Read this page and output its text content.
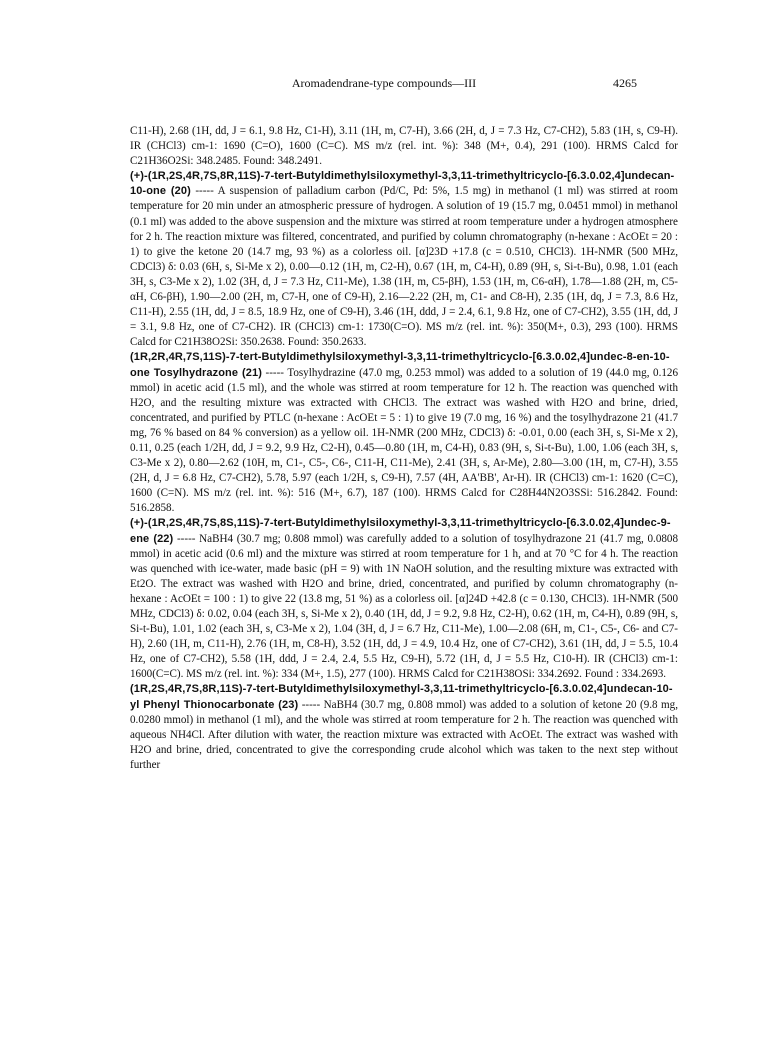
Aromadendrane-type compounds—III	4265

C11-H), 2.68 (1H, dd, J = 6.1, 9.8 Hz, C1-H), 3.11 (1H, m, C7-H), 3.66 (2H, d, J = 7.3 Hz, C7-CH2), 5.83 (1H, s, C9-H). IR (CHCl3) cm-1: 1690 (C=O), 1600 (C=C). MS m/z (rel. int. %): 348 (M+, 0.4), 291 (100). HRMS Calcd for C21H36O2Si: 348.2485. Found: 348.2491.

(+)-(1R,2S,4R,7S,8R,11S)-7-tert-Butyldimethylsiloxymethyl-3,3,11-trimethyltricyclo-[6.3.0.02,4]undecan-10-one (20) ----- A suspension of palladium carbon (Pd/C, Pd: 5%, 1.5 mg) in methanol (1 ml) was stirred at room temperature for 20 min under an atmospheric pressure of hydrogen. A solution of 19 (15.7 mg, 0.0451 mmol) in methanol (0.1 ml) was added to the above suspension and the mixture was stirred at room temperature under a hydrogen atmosphere for 2 h. The reaction mixture was filtered, concentrated, and purified by column chromatography (n-hexane : AcOEt = 20 : 1) to give the ketone 20 (14.7 mg, 93 %) as a colorless oil. [α]23D +17.8 (c = 0.510, CHCl3). 1H-NMR (500 MHz, CDCl3) δ: 0.03 (6H, s, Si-Me x 2), 0.00—0.12 (1H, m, C2-H), 0.67 (1H, m, C4-H), 0.89 (9H, s, Si-t-Bu), 0.98, 1.01 (each 3H, s, C3-Me x 2), 1.02 (3H, d, J = 7.3 Hz, C11-Me), 1.38 (1H, m, C5-βH), 1.53 (1H, m, C6-αH), 1.78—1.88 (2H, m, C5-αH, C6-βH), 1.90—2.00 (2H, m, C7-H, one of C9-H), 2.16—2.22 (2H, m, C1- and C8-H), 2.35 (1H, dq, J = 7.3, 8.6 Hz, C11-H), 2.55 (1H, dd, J = 8.5, 18.9 Hz, one of C9-H), 3.46 (1H, ddd, J = 2.4, 6.1, 9.8 Hz, one of C7-CH2), 3.55 (1H, dd, J = 3.1, 9.8 Hz, one of C7-CH2). IR (CHCl3) cm-1: 1730(C=O). MS m/z (rel. int. %): 350(M+, 0.3), 293 (100). HRMS Calcd for C21H38O2Si: 350.2638. Found: 350.2633.

(1R,2R,4R,7S,11S)-7-tert-Butyldimethylsiloxymethyl-3,3,11-trimethyltricyclo-[6.3.0.02,4]undec-8-en-10-one Tosylhydrazone (21) ----- Tosylhydrazine (47.0 mg, 0.253 mmol) was added to a solution of 19 (44.0 mg, 0.126 mmol) in acetic acid (1.5 ml), and the whole was stirred at room temperature for 12 h. The reaction was quenched with H2O, and the resulting mixture was extracted with CHCl3. The extract was washed with H2O and brine, dried, concentrated, and purified by PTLC (n-hexane : AcOEt = 5 : 1) to give 19 (7.0 mg, 16 %) and the tosylhydrazone 21 (41.7 mg, 76 % based on 84 % conversion) as a yellow oil. 1H-NMR (200 MHz, CDCl3) δ: -0.01, 0.00 (each 3H, s, Si-Me x 2), 0.11, 0.25 (each 1/2H, dd, J = 9.2, 9.9 Hz, C2-H), 0.45—0.80 (1H, m, C4-H), 0.83 (9H, s, Si-t-Bu), 1.00, 1.06 (each 3H, s, C3-Me x 2), 0.80—2.62 (10H, m, C1-, C5-, C6-, C11-H, C11-Me), 2.41 (3H, s, Ar-Me), 2.80—3.00 (1H, m, C7-H), 3.55 (2H, d, J = 6.8 Hz, C7-CH2), 5.78, 5.97 (each 1/2H, s, C9-H), 7.57 (4H, AA'BB', Ar-H). IR (CHCl3) cm-1: 1620 (C=C), 1600 (C=N). MS m/z (rel. int. %): 516 (M+, 6.7), 187 (100). HRMS Calcd for C28H44N2O3SSi: 516.2842. Found: 516.2858.

(+)-(1R,2S,4R,7S,8S,11S)-7-tert-Butyldimethylsiloxymethyl-3,3,11-trimethyltricyclo-[6.3.0.02,4]undec-9-ene (22) ----- NaBH4 (30.7 mg; 0.808 mmol) was carefully added to a solution of tosylhydrazone 21 (41.7 mg, 0.0808 mmol) in acetic acid (0.6 ml) and the mixture was stirred at room temperature for 1 h, and at 70 °C for 4 h. The reaction was quenched with ice-water, made basic (pH = 9) with 1N NaOH solution, and the resulting mixture was extracted with Et2O. The extract was washed with H2O and brine, dried, concentrated, and purified by column chromatography (n-hexane : AcOEt = 100 : 1) to give 22 (13.8 mg, 51 %) as a colorless oil. [α]24D +42.8 (c = 0.130, CHCl3). 1H-NMR (500 MHz, CDCl3) δ: 0.02, 0.04 (each 3H, s, Si-Me x 2), 0.40 (1H, dd, J = 9.2, 9.8 Hz, C2-H), 0.62 (1H, m, C4-H), 0.89 (9H, s, Si-t-Bu), 1.01, 1.02 (each 3H, s, C3-Me x 2), 1.04 (3H, d, J = 6.7 Hz, C11-Me), 1.00—2.08 (6H, m, C1-, C5-, C6- and C7-H), 2.60 (1H, m, C11-H), 2.76 (1H, m, C8-H), 3.52 (1H, dd, J = 4.9, 10.4 Hz, one of C7-CH2), 3.61 (1H, dd, J = 5.5, 10.4 Hz, one of C7-CH2), 5.58 (1H, ddd, J = 2.4, 2.4, 5.5 Hz, C9-H), 5.72 (1H, d, J = 5.5 Hz, C10-H). IR (CHCl3) cm-1: 1600(C=C). MS m/z (rel. int. %): 334 (M+, 1.5), 277 (100). HRMS Calcd for C21H38OSi: 334.2692. Found : 334.2693.

(1R,2S,4R,7S,8R,11S)-7-tert-Butyldimethylsiloxymethyl-3,3,11-trimethyltricyclo-[6.3.0.02,4]undecan-10-yl Phenyl Thionocarbonate (23) ----- NaBH4 (30.7 mg, 0.808 mmol) was added to a solution of ketone 20 (9.8 mg, 0.0280 mmol) in methanol (1 ml), and the whole was stirred at room temperature for 2 h. The reaction was quenched with aqueous NH4Cl. After dilution with water, the reaction mixture was extracted with AcOEt. The extract was washed with H2O and brine, dried, concentrated to give the corresponding crude alcohol which was taken to the next step without further
